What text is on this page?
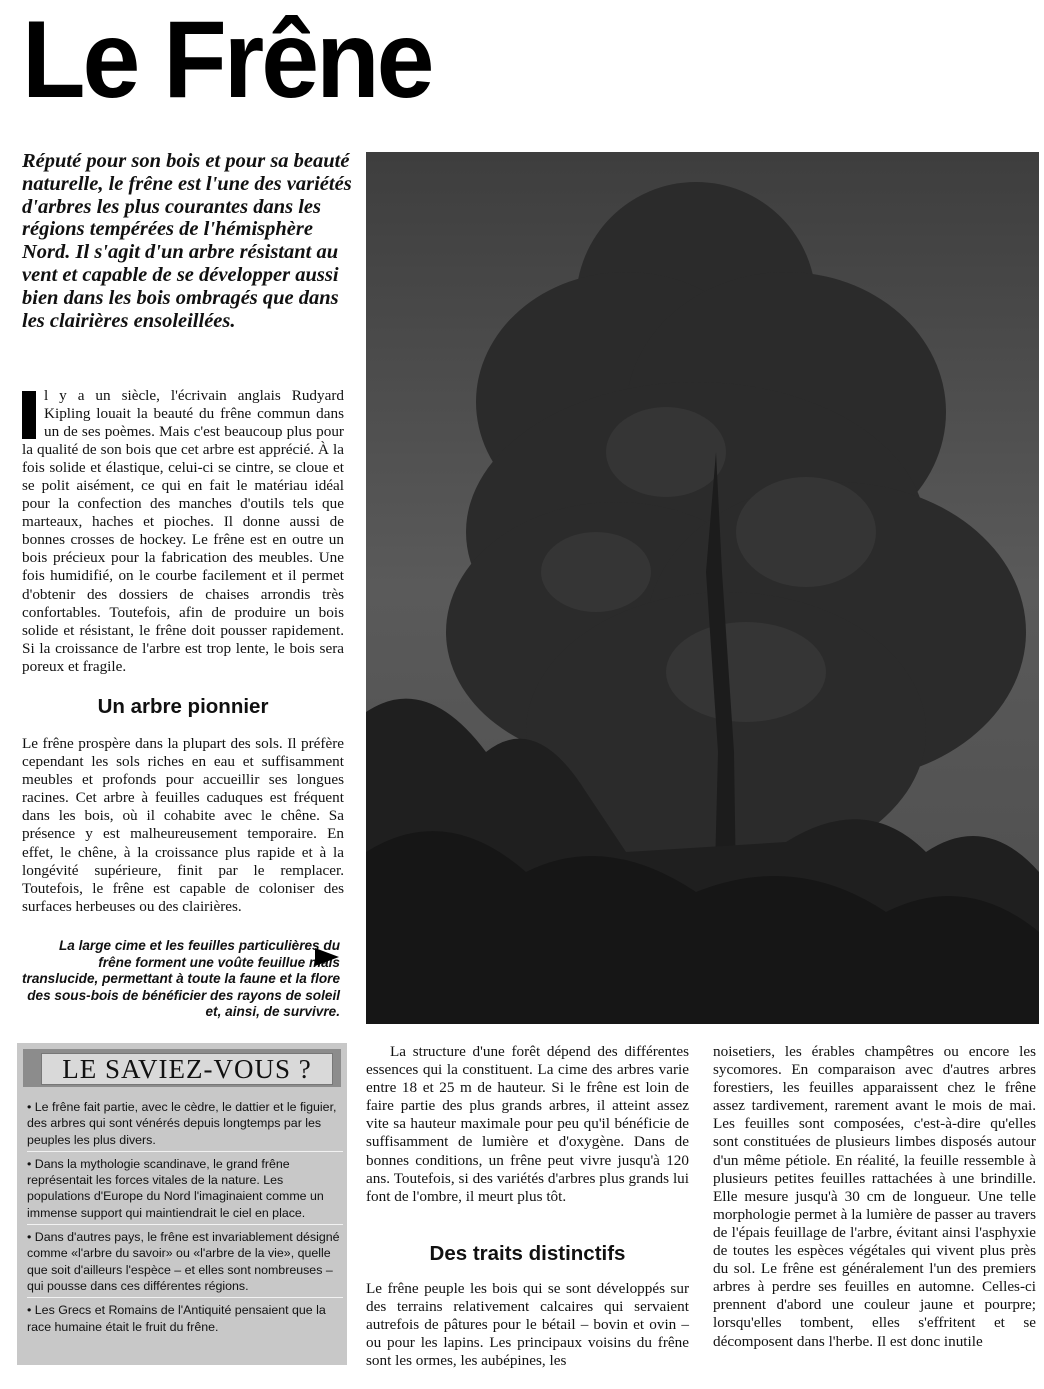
Le Frêne
Réputé pour son bois et pour sa beauté naturelle, le frêne est l'une des variétés d'arbres les plus courantes dans les régions tempérées de l'hémisphère Nord. Il s'agit d'un arbre résistant au vent et capable de se développer aussi bien dans les bois ombragés que dans les clairières ensoleillées.

l y a un siècle, l'écrivain anglais Rudyard Kipling louait la beauté du frêne commun dans un de ses poèmes. Mais c'est beaucoup plus pour la qualité de son bois que cet arbre est apprécié. À la fois solide et élastique, celui-ci se cintre, se cloue et se polit aisément, ce qui en fait le matériau idéal pour la confection des manches d'outils tels que marteaux, haches et pioches. Il donne aussi de bonnes crosses de hockey. Le frêne est en outre un bois précieux pour la fabrication des meubles. Une fois humidifié, on le courbe facilement et il permet d'obtenir des dossiers de chaises arrondis très confortables. Toutefois, afin de produire un bois solide et résistant, le frêne doit pousser rapidement. Si la croissance de l'arbre est trop lente, le bois sera poreux et fragile.

Un arbre pionnier

Le frêne prospère dans la plupart des sols. Il préfère cependant les sols riches en eau et suffisamment meubles et profonds pour accueillir ses longues racines. Cet arbre à feuilles caduques est fréquent dans les bois, où il cohabite avec le chêne. Sa présence y est malheureusement temporaire. En effet, le chêne, à la croissance plus rapide et à la longévité supérieure, finit par le remplacer. Toutefois, le frêne est capable de coloniser des surfaces herbeuses ou des clairières.

La large cime et les feuilles particulières du frêne forment une voûte feuillue mais translucide, permettant à toute la faune et la flore des sous-bois de bénéficier des rayons de soleil et, ainsi, de survivre.
LE SAVIEZ-VOUS ?

• Le frêne fait partie, avec le cèdre, le dattier et le figuier, des arbres qui sont vénérés depuis longtemps par les peuples les plus divers.

• Dans la mythologie scandinave, le grand frêne représentait les forces vitales de la nature. Les populations d'Europe du Nord l'imaginaient comme un immense support qui maintiendrait le ciel en place.

• Dans d'autres pays, le frêne est invariablement désigné comme «l'arbre du savoir» ou «l'arbre de la vie», quelle que soit d'ailleurs l'espèce – et elles sont nombreuses – qui pousse dans ces différentes régions.

• Les Grecs et Romains de l'Antiquité pensaient que la race humaine était le fruit du frêne.

La structure d'une forêt dépend des différentes essences qui la constituent. La cime des arbres varie entre 18 et 25 m de hauteur. Si le frêne est loin de faire partie des plus grands arbres, il atteint assez vite sa hauteur maximale pour peu qu'il bénéficie de suffisamment de lumière et d'oxygène. Dans de bonnes conditions, un frêne peut vivre jusqu'à 120 ans. Toutefois, si des variétés d'arbres plus grands lui font de l'ombre, il meurt plus tôt.

Des traits distinctifs

Le frêne peuple les bois qui se sont développés sur des terrains relativement calcaires qui servaient autrefois de pâtures pour le bétail – bovin et ovin – ou pour les lapins. Les principaux voisins du frêne sont les ormes, les aubépines, les

noisetiers, les érables champêtres ou encore les sycomores. En comparaison avec d'autres arbres forestiers, les feuilles apparaissent chez le frêne assez tardivement, rarement avant le mois de mai. Les feuilles sont composées, c'est-à-dire qu'elles sont constituées de plusieurs limbes disposés autour d'un même pétiole. En réalité, la feuille ressemble à plusieurs petites feuilles rattachées à une brindille. Elle mesure jusqu'à 30 cm de longueur. Une telle morphologie permet à la lumière de passer au travers de l'épais feuillage de l'arbre, évitant ainsi l'asphyxie de toutes les espèces végétales qui vivent plus près du sol. Le frêne est généralement l'un des premiers arbres à perdre ses feuilles en automne. Celles-ci prennent d'abord une couleur jaune et pourpre; lorsqu'elles tombent, elles s'effritent et se décomposent dans l'herbe. Il est donc inutile
